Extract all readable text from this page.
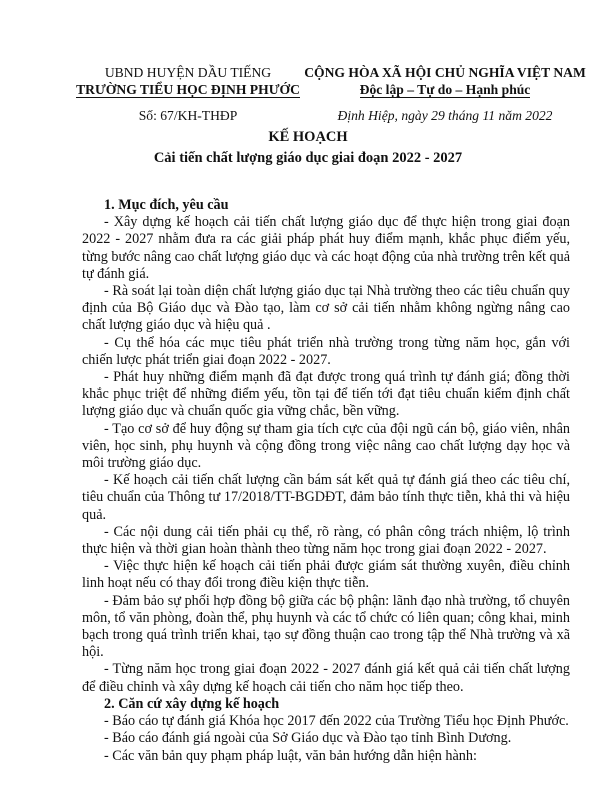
UBND HUYỆN DẦU TIẾNG
TRƯỜNG TIỂU HỌC ĐỊNH PHƯỚC
Số: 67/KH-THĐP
CỘNG HÒA XÃ HỘI CHỦ NGHĨA VIỆT NAM
Độc lập – Tự do – Hạnh phúc
Định Hiệp, ngày 29 tháng 11 năm 2022
KẾ HOẠCH
Cải tiến chất lượng giáo dục giai đoạn 2022 - 2027
1. Mục đích, yêu cầu

- Xây dựng kế hoạch cải tiến chất lượng giáo dục để thực hiện trong giai đoạn 2022 - 2027 nhằm đưa ra các giải pháp phát huy điểm mạnh, khắc phục điểm yếu, từng bước nâng cao chất lượng giáo dục và các hoạt động của nhà trường trên kết quả tự đánh giá.

- Rà soát lại toàn diện chất lượng giáo dục tại Nhà trường theo các tiêu chuẩn quy định của Bộ Giáo dục và Đào tạo, làm cơ sở cải tiến nhằm không ngừng nâng cao chất lượng giáo dục và hiệu quả .

- Cụ thể hóa các mục tiêu phát triển nhà trường trong từng năm học, gắn với chiến lược phát triển giai đoạn 2022 - 2027.

- Phát huy những điểm mạnh đã đạt được trong quá trình tự đánh giá; đồng thời khắc phục triệt để những điểm yếu, tồn tại để tiến tới đạt tiêu chuẩn kiểm định chất lượng giáo dục và chuẩn quốc gia vững chắc, bền vững.

- Tạo cơ sở để huy động sự tham gia tích cực của đội ngũ cán bộ, giáo viên, nhân viên, học sinh, phụ huynh và cộng đồng trong việc nâng cao chất lượng dạy học và môi trường giáo dục.

- Kế hoạch cải tiến chất lượng cần bám sát kết quả tự đánh giá theo các tiêu chí, tiêu chuẩn của Thông tư 17/2018/TT-BGDĐT, đảm bảo tính thực tiễn, khả thi và hiệu quả.

- Các nội dung cải tiến phải cụ thể, rõ ràng, có phân công trách nhiệm, lộ trình thực hiện và thời gian hoàn thành theo từng năm học trong giai đoạn 2022 - 2027.

- Việc thực hiện kế hoạch cải tiến phải được giám sát thường xuyên, điều chỉnh linh hoạt nếu có thay đổi trong điều kiện thực tiễn.

- Đảm bảo sự phối hợp đồng bộ giữa các bộ phận: lãnh đạo nhà trường, tổ chuyên môn, tổ văn phòng, đoàn thể, phụ huynh và các tổ chức có liên quan; công khai, minh bạch trong quá trình triển khai, tạo sự đồng thuận cao trong tập thể Nhà trường và xã hội.

- Từng năm học trong giai đoạn 2022 - 2027 đánh giá kết quả cải tiến chất lượng để điều chỉnh và xây dựng kế hoạch cải tiến cho năm học tiếp theo.

2. Căn cứ xây dựng kế hoạch

- Báo cáo tự đánh giá Khóa học 2017 đến 2022 của Trường Tiểu học Định Phước.

- Báo cáo đánh giá ngoài của Sở Giáo dục và Đào tạo tỉnh Bình Dương.

- Các văn bản quy phạm pháp luật, văn bản hướng dẫn hiện hành:
